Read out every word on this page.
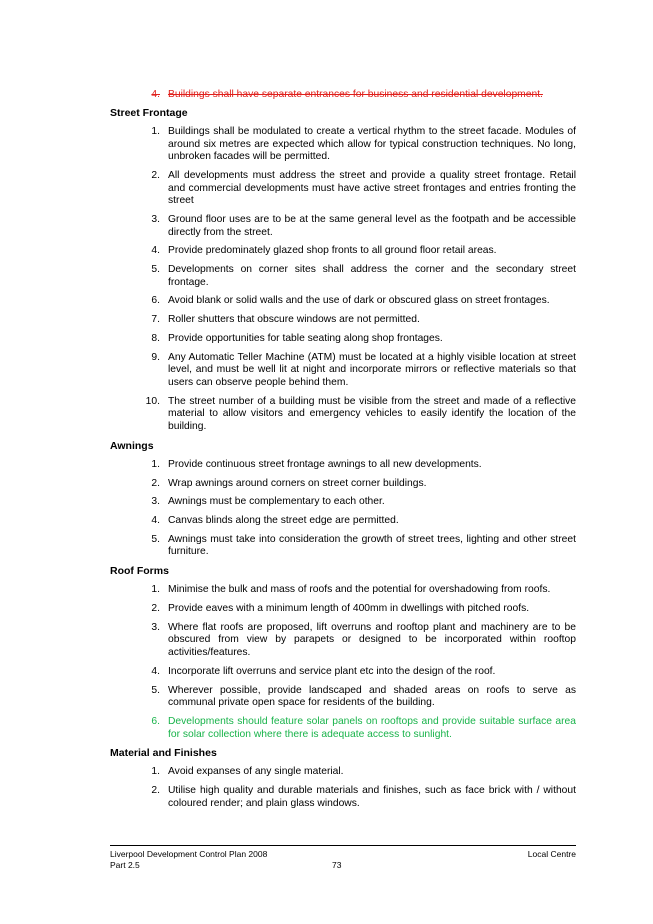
4. Buildings shall have separate entrances for business and residential development.
Street Frontage
1. Buildings shall be modulated to create a vertical rhythm to the street facade. Modules of around six metres are expected which allow for typical construction techniques. No long, unbroken facades will be permitted.
2. All developments must address the street and provide a quality street frontage. Retail and commercial developments must have active street frontages and entries fronting the street
3. Ground floor uses are to be at the same general level as the footpath and be accessible directly from the street.
4. Provide predominately glazed shop fronts to all ground floor retail areas.
5. Developments on corner sites shall address the corner and the secondary street frontage.
6. Avoid blank or solid walls and the use of dark or obscured glass on street frontages.
7. Roller shutters that obscure windows are not permitted.
8. Provide opportunities for table seating along shop frontages.
9. Any Automatic Teller Machine (ATM) must be located at a highly visible location at street level, and must be well lit at night and incorporate mirrors or reflective materials so that users can observe people behind them.
10. The street number of a building must be visible from the street and made of a reflective material to allow visitors and emergency vehicles to easily identify the location of the building.
Awnings
1. Provide continuous street frontage awnings to all new developments.
2. Wrap awnings around corners on street corner buildings.
3. Awnings must be complementary to each other.
4. Canvas blinds along the street edge are permitted.
5. Awnings must take into consideration the growth of street trees, lighting and other street furniture.
Roof Forms
1. Minimise the bulk and mass of roofs and the potential for overshadowing from roofs.
2. Provide eaves with a minimum length of 400mm in dwellings with pitched roofs.
3. Where flat roofs are proposed, lift overruns and rooftop plant and machinery are to be obscured from view by parapets or designed to be incorporated within rooftop activities/features.
4. Incorporate lift overruns and service plant etc into the design of the roof.
5. Wherever possible, provide landscaped and shaded areas on roofs to serve as communal private open space for residents of the building.
6. Developments should feature solar panels on rooftops and provide suitable surface area for solar collection where there is adequate access to sunlight.
Material and Finishes
1. Avoid expanses of any single material.
2. Utilise high quality and durable materials and finishes, such as face brick with / without coloured render; and plain glass windows.
Liverpool Development Control Plan 2008	Local Centre
Part 2.5	73
